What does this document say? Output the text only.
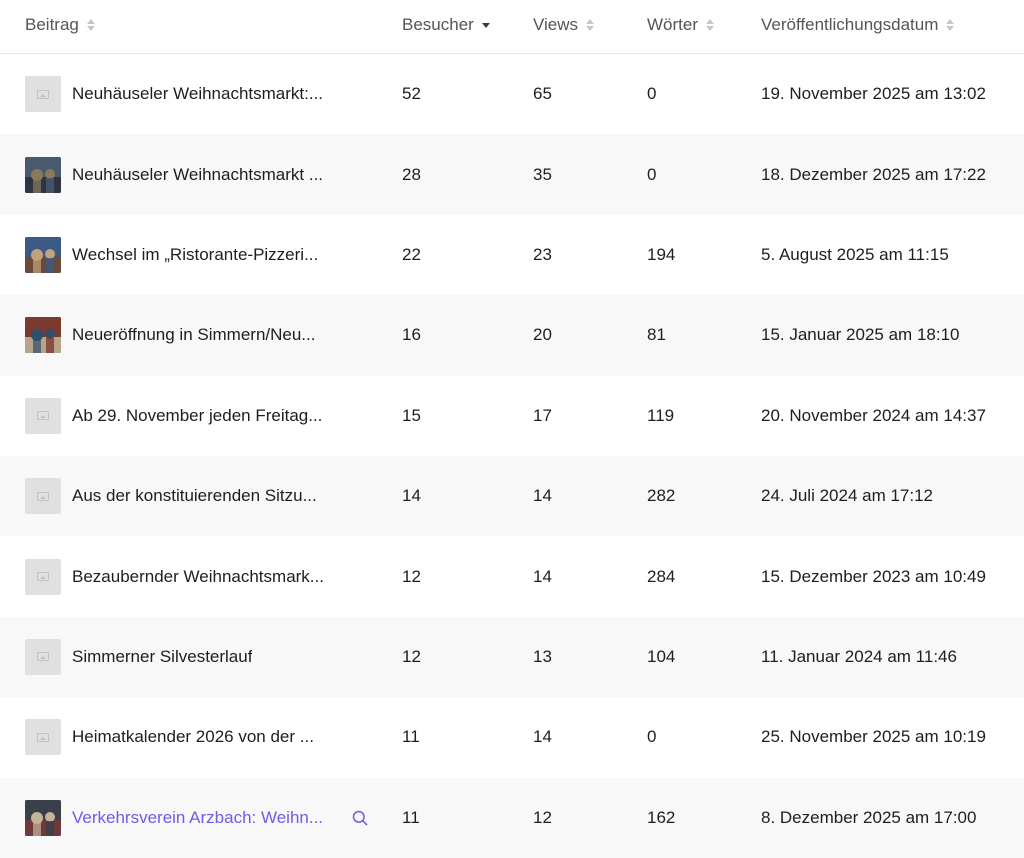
Beitrag	Besucher	Views	Wörter	Veröffentlichungsdatum
Neuhäuseler Weihnachtsmarkt:...	52	65	0	19. November 2025 am 13:02
Neuhäuseler Weihnachtsmarkt ...	28	35	0	18. Dezember 2025 am 17:22
Wechsel im „Ristorante-Pizzeri...	22	23	194	5. August 2025 am 11:15
Neueröffnung in Simmern/Neu...	16	20	81	15. Januar 2025 am 18:10
Ab 29. November jeden Freitag...	15	17	119	20. November 2024 am 14:37
Aus der konstituierenden Sitzu...	14	14	282	24. Juli 2024 am 17:12
Bezaubernder Weihnachtsmark...	12	14	284	15. Dezember 2023 am 10:49
Simmerner Silvesterlauf	12	13	104	11. Januar 2024 am 11:46
Heimatkalender 2026 von der ...	11	14	0	25. November 2025 am 10:19
Verkehrsverein Arzbach: Weihn...	11	12	162	8. Dezember 2025 am 17:00
